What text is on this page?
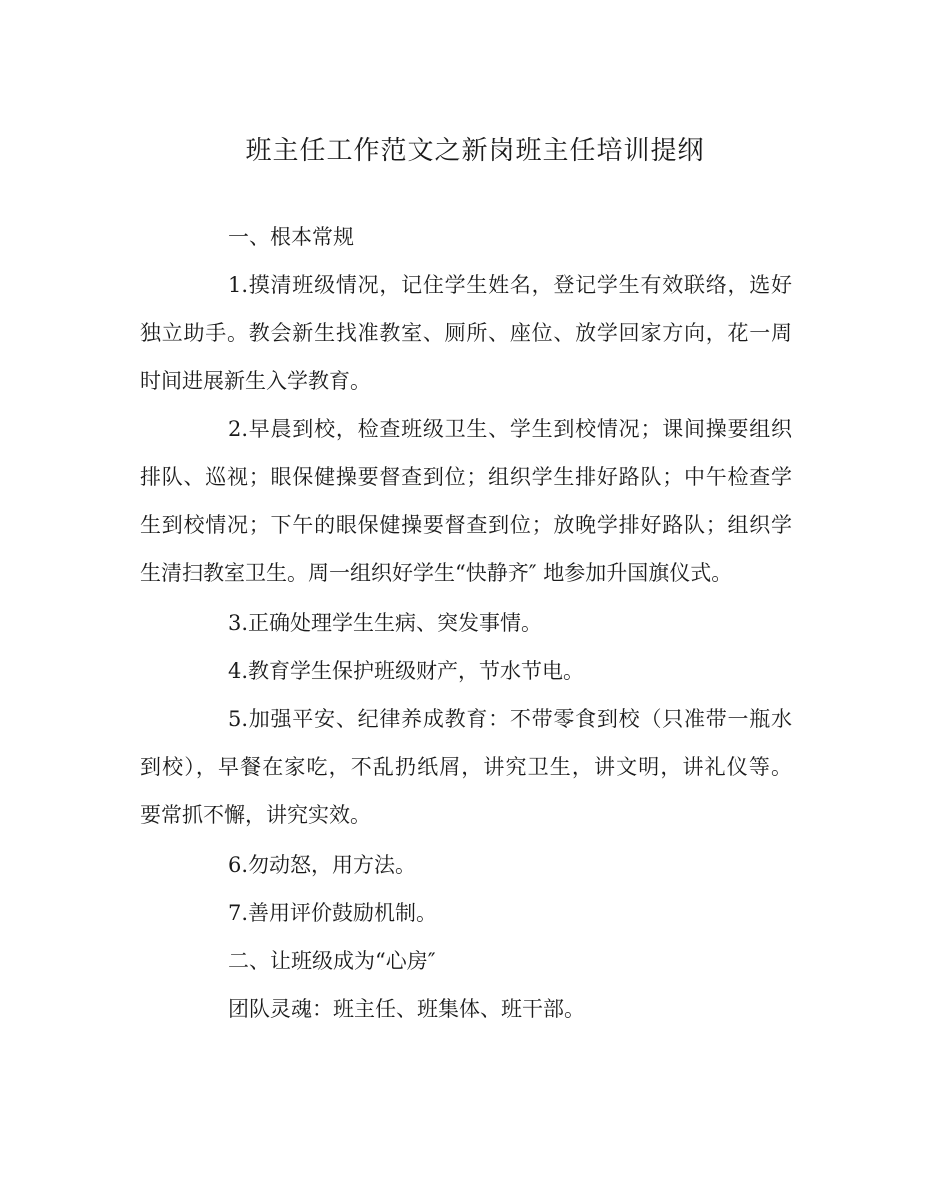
班主任工作范文之新岗班主任培训提纲
一、根本常规
1.摸清班级情况，记住学生姓名，登记学生有效联络，选好
独立助手。教会新生找准教室、厕所、座位、放学回家方向，花一周
时间进展新生入学教育。
2.早晨到校，检查班级卫生、学生到校情况；课间操要组织
排队、巡视；眼保健操要督查到位；组织学生排好路队；中午检查学
生到校情况；下午的眼保健操要督查到位；放晚学排好路队；组织学
生清扫教室卫生。周一组织好学生“快静齐″ 地参加升国旗仪式。
3.正确处理学生生病、突发事情。
4.教育学生保护班级财产，节水节电。
5.加强平安、纪律养成教育：不带零食到校（只准带一瓶水
到校），早餐在家吃，不乱扔纸屑，讲究卫生，讲文明，讲礼仪等。
要常抓不懈，讲究实效。
6.勿动怒，用方法。
7.善用评价鼓励机制。
二、让班级成为“心房″
团队灵魂：班主任、班集体、班干部。
